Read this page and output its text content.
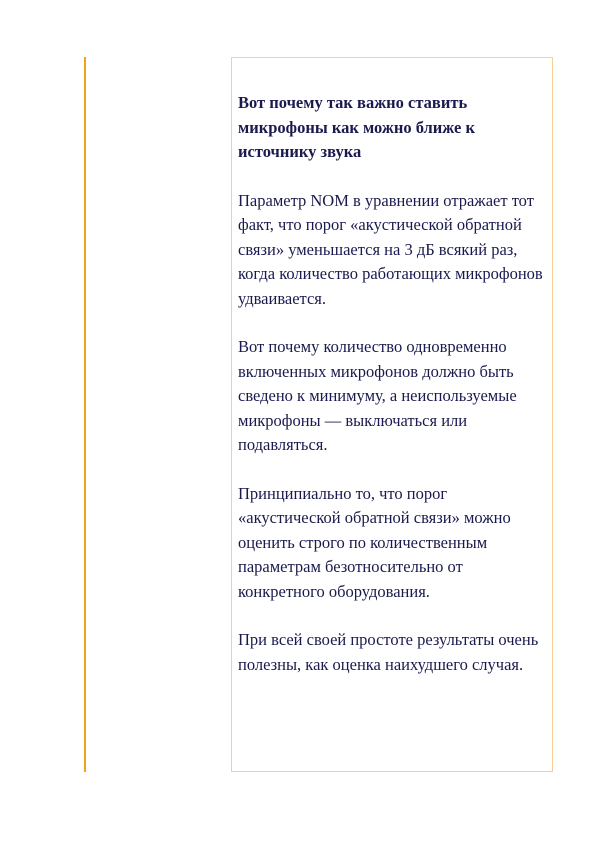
Вот почему так важно ставить микрофоны как можно ближе к источнику звука

Параметр NOM в уравнении отражает тот факт, что порог «акустической обратной связи» уменьшается на 3 дБ всякий раз, когда количество работающих микрофонов удваивается.

Вот почему количество одновременно включенных микрофонов должно быть сведено к минимуму, а неиспользуемые микрофоны — выключаться или подавляться.

Принципиально то, что порог «акустической обратной связи» можно оценить строго по количественным параметрам безотносительно от конкретного оборудования.

При всей своей простоте результаты очень полезны, как оценка наихудшего случая.
